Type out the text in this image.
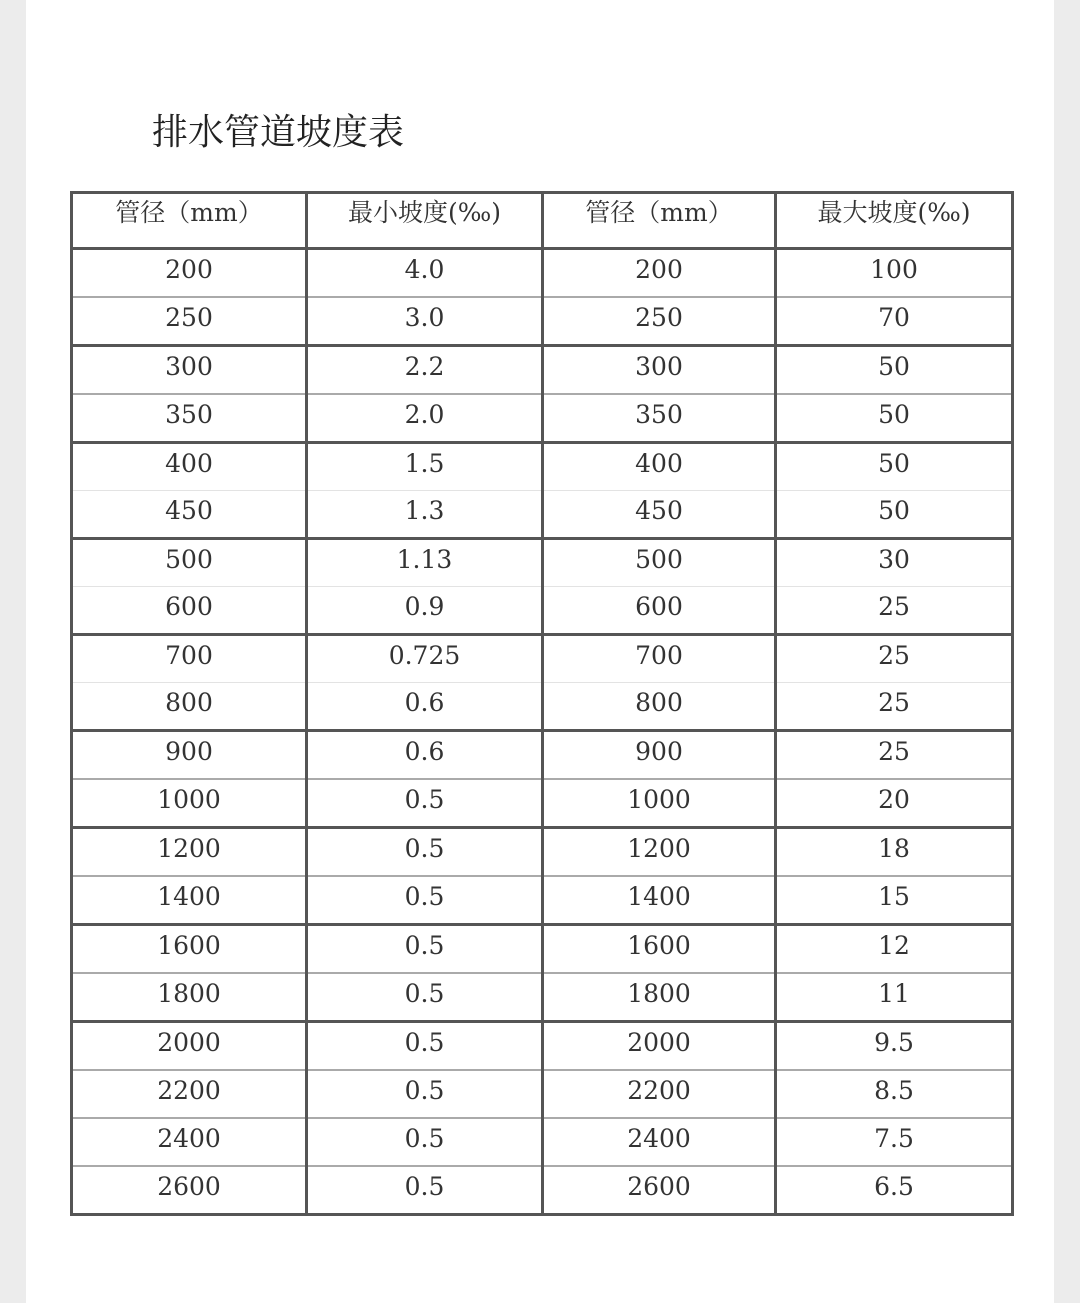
排水管道坡度表
管径（mm）	最小坡度(‰)	管径（mm）	最大坡度(‰)
200	4.0	200	100
250	3.0	250	70
300	2.2	300	50
350	2.0	350	50
400	1.5	400	50
450	1.3	450	50
500	1.13	500	30
600	0.9	600	25
700	0.725	700	25
800	0.6	800	25
900	0.6	900	25
1000	0.5	1000	20
1200	0.5	1200	18
1400	0.5	1400	15
1600	0.5	1600	12
1800	0.5	1800	11
2000	0.5	2000	9.5
2200	0.5	2200	8.5
2400	0.5	2400	7.5
2600	0.5	2600	6.5
